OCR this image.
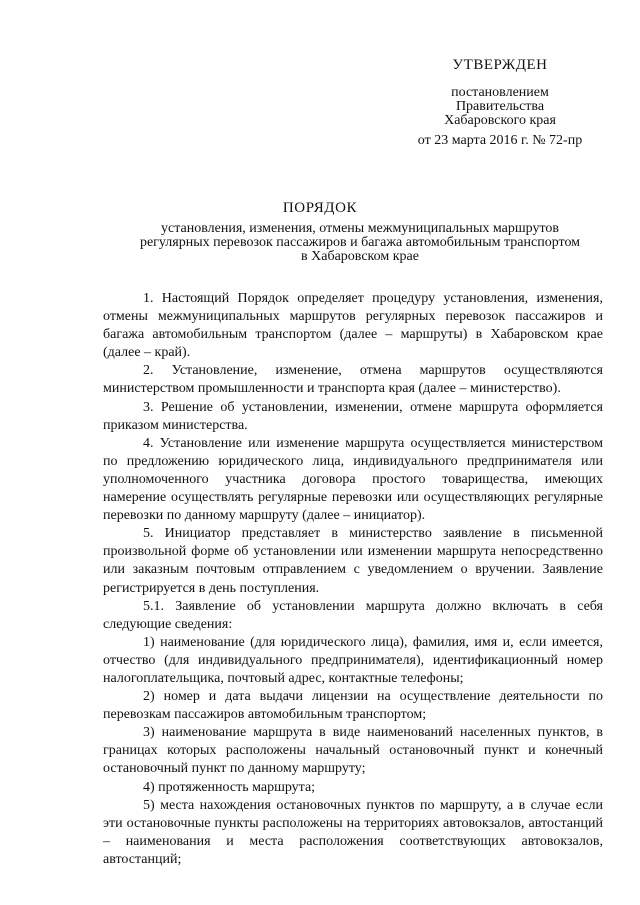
УТВЕРЖДЕН
постановлением
Правительства
Хабаровского края
от 23 марта 2016 г. № 72-пр
ПОРЯДОК
установления, изменения, отмены межмуниципальных маршрутов
регулярных перевозок пассажиров и багажа автомобильным транспортом
в Хабаровском крае

1. Настоящий Порядок определяет процедуру установления, изменения, отмены межмуниципальных маршрутов регулярных перевозок пассажиров и багажа автомобильным транспортом (далее – маршруты) в Хабаровском крае (далее – край).

2. Установление, изменение, отмена маршрутов осуществляются министерством промышленности и транспорта края (далее – министерство).

3. Решение об установлении, изменении, отмене маршрута оформляется приказом министерства.

4. Установление или изменение маршрута осуществляется министерством по предложению юридического лица, индивидуального предпринимателя или уполномоченного участника договора простого товарищества, имеющих намерение осуществлять регулярные перевозки или осуществляющих регулярные перевозки по данному маршруту (далее – инициатор).

5. Инициатор представляет в министерство заявление в письменной произвольной форме об установлении или изменении маршрута непосредственно или заказным почтовым отправлением с уведомлением о вручении. Заявление регистрируется в день поступления.

5.1. Заявление об установлении маршрута должно включать в себя следующие сведения:

1) наименование (для юридического лица), фамилия, имя и, если имеется, отчество (для индивидуального предпринимателя), идентификационный номер налогоплательщика, почтовый адрес, контактные телефоны;

2) номер и дата выдачи лицензии на осуществление деятельности по перевозкам пассажиров автомобильным транспортом;

3) наименование маршрута в виде наименований населенных пунктов, в границах которых расположены начальный остановочный пункт и конечный остановочный пункт по данному маршруту;

4) протяженность маршрута;

5) места нахождения остановочных пунктов по маршруту, а в случае если эти остановочные пункты расположены на территориях автовокзалов, автостанций – наименования и места расположения соответствующих автовокзалов, автостанций;
